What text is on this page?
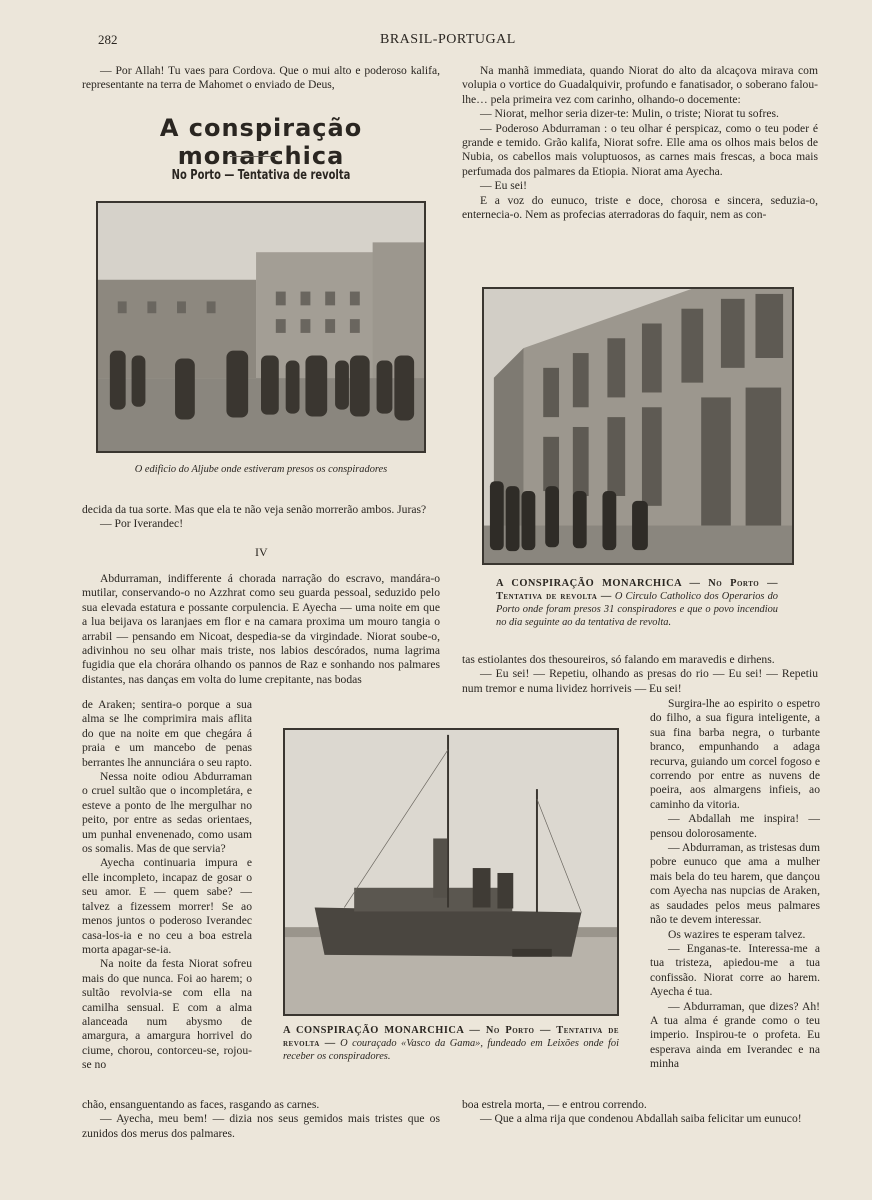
282	BRASIL-PORTUGAL

— Por Allah! Tu vaes para Cordova. Que o mui alto e poderoso kalifa, representante na terra de Mahomet o enviado de Deus,

A conspiração monarchica
No Porto — Tentativa de revolta
O edificio do Aljube onde estiveram presos os conspiradores

decida da tua sorte. Mas que ela te não veja senão morrerão ambos. Juras?

— Por Iverandec!

IV

Abdurraman, indifferente á chorada narração do escravo, mandára-o mutilar, conservando-o no Azzhrat como seu guarda pessoal, seduzido pelo sua elevada estatura e possante corpulencia. E Ayecha — uma noite em que a lua beijava os laranjaes em flor e na camara proxima um mouro tangia o arrabil — pensando em Nicoat, despedia-se da virgindade. Niorat soube-o, adivinhou no seu olhar mais triste, nos labios descórados, numa lagrima fugidia que ela chorára olhando os pannos de Raz e sonhando nos palmares distantes, nas danças em volta do lume crepitante, nas bodas

de Araken; sentira-o porque a sua alma se lhe comprimira mais aflita do que na noite em que chegára á praia e um mancebo de penas berrantes lhe annunciára o seu rapto.

Nessa noite odiou Abdurraman o cruel sultão que o incompletára, e esteve a ponto de lhe mergulhar no peito, por entre as sedas orientaes, um punhal envenenado, como usam os somalis. Mas de que servia?

Ayecha continuaria impura e elle incompleto, incapaz de gosar o seu amor. E — quem sabe? — talvez a fizessem morrer! Se ao menos juntos o poderoso Iverandec casa-los-ia e no ceu a boa estrela morta apagar-se-ia.

Na noite da festa Niorat sofreu mais do que nunca. Foi ao harem; o sultão revolvia-se com ella na camilha sensual. E com a alma alanceada num abysmo de amargura, a amargura horrivel do ciume, chorou, contorceu-se, rojou-se no

A CONSPIRAÇÃO MONARCHICA — No Porto — Tentativa de revolta — O Circulo Catholico dos Operarios do Porto onde foram presos 31 conspiradores e que o povo incendiou no dia seguinte ao da tentativa de revolta.

Na manhã immediata, quando Niorat do alto da alcaçova mirava com volupia o vortice do Guadalquivir, profundo e fanatisador, o soberano falou-lhe… pela primeira vez com carinho, olhando-o docemente:

— Niorat, melhor seria dizer-te: Mulin, o triste; Niorat tu sofres.

— Poderoso Abdurraman : o teu olhar é perspicaz, como o teu poder é grande e temido. Grão kalifa, Niorat sofre. Elle ama os olhos mais belos de Nubia, os cabellos mais voluptuosos, as carnes mais frescas, a boca mais perfumada dos palmares da Etiopia. Niorat ama Ayecha.

— Eu sei!

E a voz do eunuco, triste e doce, chorosa e sincera, seduzia-o, enternecia-o. Nem as profecias aterradoras do faquir, nem as con-

tas estiolantes dos thesoureiros, só falando em maravedis e dirhens.

— Eu sei! — Repetiu, olhando as presas do rio — Eu sei! — Repetiu num tremor e numa lividez horriveis — Eu sei!

A CONSPIRAÇÃO MONARCHICA — No Porto — Tentativa de revolta — O couraçado «Vasco da Gama», fundeado em Leixões onde foi receber os conspiradores.

Surgira-lhe ao espirito o espetro do filho, a sua figura inteligente, a sua fina barba negra, o turbante branco, empunhando a adaga recurva, guiando um corcel fogoso e correndo por entre as nuvens de poeira, aos almargens infieis, ao caminho da vitoria.

— Abdallah me inspira! — pensou dolorosamente.

— Abdurraman, as tristesas dum pobre eunuco que ama a mulher mais bela do teu harem, que dançou com Ayecha nas nupcias de Araken, as saudades pelos meus palmares não te devem interessar.

Os wazires te esperam talvez.

— Enganas-te. Interessa-me a tua tristeza, apiedou-me a tua confissão. Niorat corre ao harem. Ayecha é tua.

— Abdurraman, que dizes? Ah! A tua alma é grande como o teu imperio. Inspirou-te o profeta. Eu esperava ainda em Iverandec e na minha

chão, ensanguentando as faces, rasgando as carnes.

— Ayecha, meu bem! — dizia nos seus gemidos mais tristes que os zunidos dos merus dos palmares.

boa estrela morta, — e entrou correndo.

— Que a alma rija que condenou Abdallah saiba felicitar um eunuco!
